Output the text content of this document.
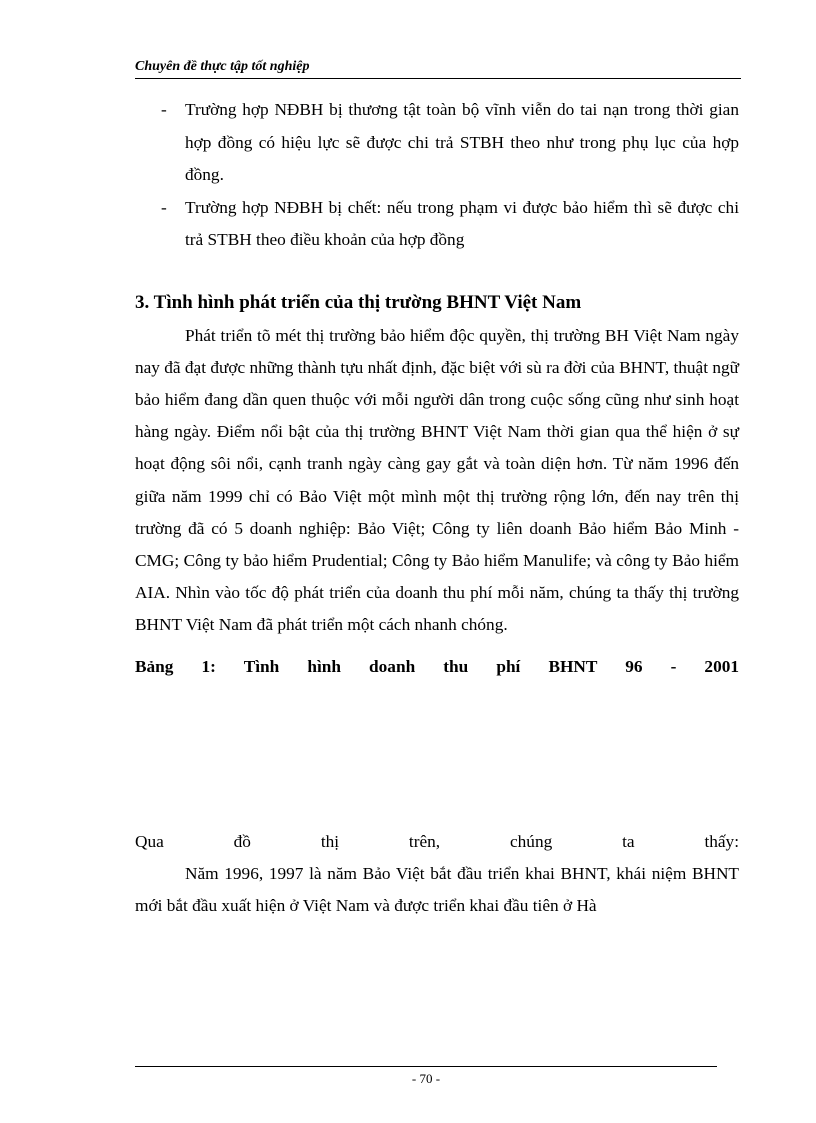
Chuyên đề thực tập tốt nghiệp
- Trường hợp NĐBH bị thương tật toàn bộ vĩnh viễn do tai nạn trong thời gian hợp đồng có hiệu lực sẽ được chi trả STBH theo như trong phụ lục của hợp đồng.
- Trường hợp NĐBH bị chết: nếu trong phạm vi được bảo hiểm thì sẽ được chi trả STBH theo điều khoản của hợp đồng
3. Tình hình phát triển của thị trường BHNT Việt Nam
Phát triển tõ mét thị trường bảo hiểm độc quyền, thị trường BH Việt Nam ngày nay đã đạt được những thành tựu nhất định, đặc biệt với sù ra đời của BHNT, thuật ngữ bảo hiểm đang dần quen thuộc với mỗi người dân trong cuộc sống cũng như sinh hoạt hàng ngày. Điểm nổi bật của thị trường BHNT Việt Nam thời gian qua thể hiện ở sự hoạt động sôi nổi, cạnh tranh ngày càng gay gắt và toàn diện hơn. Từ năm 1996 đến giữa năm 1999 chỉ có Bảo Việt một mình một thị trường rộng lớn, đến nay trên thị trường đã có 5 doanh nghiệp: Bảo Việt; Công ty liên doanh Bảo hiểm Bảo Minh -CMG; Công ty bảo hiểm Prudential; Công ty Bảo hiểm Manulife; và công ty Bảo hiểm AIA. Nhìn vào tốc độ phát triển của doanh thu phí mỗi năm, chúng ta thấy thị trường BHNT Việt Nam đã phát triển một cách nhanh chóng.
Bảng 1: Tình hình doanh thu phí BHNT 96 - 2001
Qua đồ thị trên, chúng ta thấy:
Năm 1996, 1997 là năm Bảo Việt bắt đầu triển khai BHNT, khái niệm BHNT mới bắt đầu xuất hiện ở Việt Nam và được triển khai đầu tiên ở Hà
- 70 -
